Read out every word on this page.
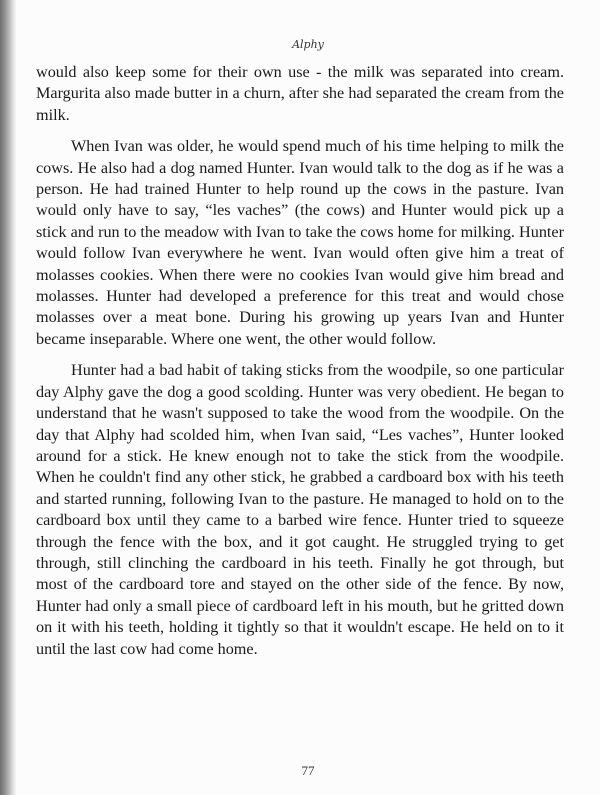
Alphy

would also keep some for their own use - the milk was separated into cream. Margurita also made butter in a churn, after she had separated the cream from the milk.

When Ivan was older, he would spend much of his time helping to milk the cows. He also had a dog named Hunter. Ivan would talk to the dog as if he was a person. He had trained Hunter to help round up the cows in the pasture. Ivan would only have to say, “les vaches” (the cows) and Hunter would pick up a stick and run to the meadow with Ivan to take the cows home for milking. Hunter would follow Ivan everywhere he went. Ivan would often give him a treat of molasses cookies. When there were no cookies Ivan would give him bread and molasses. Hunter had developed a preference for this treat and would chose molasses over a meat bone. During his growing up years Ivan and Hunter became inseparable. Where one went, the other would follow.

Hunter had a bad habit of taking sticks from the woodpile, so one particular day Alphy gave the dog a good scolding. Hunter was very obedient. He began to understand that he wasn't supposed to take the wood from the woodpile. On the day that Alphy had scolded him, when Ivan said, “Les vaches”, Hunter looked around for a stick. He knew enough not to take the stick from the woodpile. When he couldn't find any other stick, he grabbed a cardboard box with his teeth and started running, following Ivan to the pasture. He managed to hold on to the cardboard box until they came to a barbed wire fence. Hunter tried to squeeze through the fence with the box, and it got caught. He struggled trying to get through, still clinching the cardboard in his teeth. Finally he got through, but most of the cardboard tore and stayed on the other side of the fence. By now, Hunter had only a small piece of cardboard left in his mouth, but he gritted down on it with his teeth, holding it tightly so that it wouldn't escape. He held on to it until the last cow had come home.

77
